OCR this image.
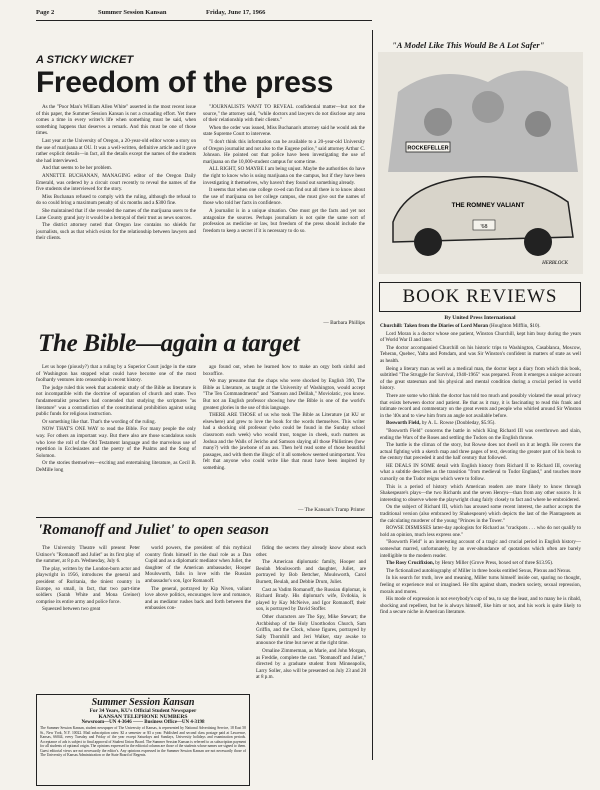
Page 2	Summer Session Kansan	Friday, June 17, 1966
A STICKY WICKET
Freedom of the press

As the "Poor Man's William Allen White" asserted in the most recent issue of this paper, the Summer Session Kansan is not a crusading effort. Yet there comes a time in every writer's life when something must be said, when something happens that deserves a remark. And this must be one of those times.

Last year at the University of Oregon, a 20-year-old editor wrote a story on the use of marijuana at OU. It was a well-written, definitive article and it gave rather explicit details—in fact, all the details except the names of the students she had interviewed.

And that seems to be her problem.

ANNETTE BUCHANAN, MANAGING editor of the Oregon Daily Emerald, was ordered by a circuit court recently to reveal the names of the five students she interviewed for the story.

Miss Buchanan refused to comply with the ruling, although the refusal to do so could bring a maximum penalty of six months and a $300 fine.

She maintained that if she revealed the names of the marijuana users to the Lane County grand jury it would be a betrayal of their trust as news sources.

The district attorney noted that Oregon law contains no shields for journalists, such as that which exists for the relationship between lawyers and their clients.

"JOURNALISTS WANT TO REVEAL confidential matter—but not the source," the attorney said, "while doctors and lawyers do not disclose any area of their relationship with their clients."

When the order was issued, Miss Buchanan's attorney said he would ask the state Supreme Court to intervene.

"I don't think this information can be available to a 20-year-old University of Oregon journalist and not also to the Eugene police," said attorney Arthur C. Johnson. He pointed out that police have been investigating the use of marijuana on the 10,000-student campus for some time.

ALL RIGHT, SO MAYBE I am being unjust. Maybe the authorities do have the right to know who is using marijuana on the campus, but if they have been investigating it themselves, why haven't they found out something already.

It seems that when one college co-ed can find out all there is to know about the use of marijuana on her college campus, she must give out the names of those who told her facts in confidence.

A journalist is in a unique situation. One must get the facts and yet not antagonize the sources. Perhaps journalism is not quite the same sort of profession as medicine or law, but freedom of the press should include the freedom to keep a secret if it is necessary to do so.

— Barbara Phillips
"A Model Like This Would Be A Lot Safer"
ROCKEFELLER
THE ROMNEY VALIANT
'68
HERBLOCK
The Bible—again a target

Let us hope (piously?) that a ruling by a Superior Court judge in the state of Washington has stopped what could have become one of the most foolhardy ventures into censorship in recent history.

The judge ruled this week that academic study of the Bible as literature is not incompatible with the doctrine of separation of church and state. Two fundamentalist preachers had contended that studying the scriptures "as literature" was a contradiction of the constitutional prohibition against using public funds for religious instruction.

Or something like that. That's the wording of the ruling.

NOW THAT'S ONE WAY to read the Bible. For many people the only way. For others an important way. But there also are those scandalous souls who love the roll of the Old Testament language and the marvelous use of repetition in Ecclesiastes and the poetry of the Psalms and the Song of Solomon.

Or the stories themselves—exciting and entertaining literature, as Cecil B. DeMille long

ago found out, when he learned how to make an orgy both sinful and boxoffice.

We may presume that the chaps who were shocked by English 390, The Bible as Literature, as taught at the University of Washington, would accept "The Ten Commandments" and "Samson and Delilah," Moviolatic, you know. But not an English professor showing how the Bible is one of the world's greatest glories in the use of this language.

THERE ARE THOSE of us who took The Bible as Literature (at KU or elsewhere) and grew to love the book for the words themselves. This writer had a shocking old professor (who could be found in the Sunday school classroom each week) who would trust, tongue in cheek, such matters as Joshua and the Walls of Jericho and Samson slaying all those Philistines (how many?) with the jawbone of an ass. Then he'd read some of those beautiful passages, and with them the illogic of it all somehow seemed unimportant. You felt that anyone who could write like that must have been inspired by something.

— The Kansan's Tramp Printer
'Romanoff and Juliet' to open season

The University Theatre will present Peter Ustinov's "Romanoff and Juliet" as its first play of the summer, at 8 p.m. Wednesday, July 6.

The play, written by the London-born actor and playwright in 1956, introduces the general and president of Ruritania, the tiniest country in Europe, so small, in fact, that two part-time soldiers (Sarah White and Mona Greiner) comprise its entire army and police force.

Squeezed between two great

world powers, the president of this mythical country finds himself in the dual role as a Dan Cupid and as a diplomatic mediator when Juliet, the daughter of the American ambassador, Hooper Moulsworth, falls in love with the Russian ambassador's son, Igor Romanoff.

The general, portrayed by Kip Niven, valiant love above politics, encourages love and romance, and as mediator rushes back and forth between the embassies con-

fiding the secrets they already know about each other.

The American diplomatic family, Hooper and Beulah Moulsworth and daughter, Juliet, are portrayed by Bob Bettcher, Moulsworth, Carol Burnett, Beulah, and Debbie Drum, Juliet.

Cast as Vadim Romanoff, the Russian diplomat, is Richard Brady. His diplomat's wife, Evdokia, is played by Kay McNeive, and Igor Romanoff, their son, is portrayed by David Stoffer.

Other characters are The Spy, Mike Stewart; the Archbishop of the Holy Unorthodox Church, Sam Griffin, and the Clock, whose figures, portrayed by Sally Thornhill and Jeri Walker, stay awake to announce the time but never at the right time.

Ornaline Zimmerman, as Marie, and John Morgan, as Freddie, complete the cast. "Romanoff and Juliet," directed by a graduate student from Minneapolis, Larry Soller, also will be presented on July 23 and 28 at 8 p.m.

Summer Session Kansan
For 34 Years, KU's Official Student Newspaper
KANSAN TELEPHONE NUMBERS
Newsroom—UN 4-3646 —— Business Office—UN 4-3198
The Summer Session Kansan, student newspaper of The University of Kansas, is represented by National Advertising Service, 18 East 50 St., New York, N.Y. 10022. Mail subscription rates: $2 a semester or $3 a year. Published and second class postage paid at Lawrence, Kansas, 66044, every Tuesday and Friday of the year except Saturdays and Sundays, University holidays and examination periods. Acceptance of ads is subject to final approval of Student Union Board. The Summer Session Kansan is referred to as subscription payment for all students of optional origin. The opinions expressed in the editorial column are those of the students whose names are signed to them. Guest editorial views are not necessarily the editor's. Any opinions expressed in the Summer Session Kansan are not necessarily those of The University of Kansas Administration or the State Board of Regents.
BOOK REVIEWS
By United Press International

Churchill: Taken from the Diaries of Lord Moran (Houghton Mifflin, $10).

Lord Moran is a doctor whose one patient, Winston Churchill, kept him busy during the years of World War II and later.

The doctor accompanied Churchill on his historic trips to Washington, Casablanca, Moscow, Teheran, Quebec, Yalta and Potsdam, and was Sir Winston's confident in matters of state as well as health.

Being a literary man as well as a medical man, the doctor kept a diary from which this book, subtitled "The Struggle for Survival, 1940-1965" was prepared. From it emerges a unique account of the great statesman and his physical and mental condition during a crucial period in world history.

There are some who think the doctor has told too much and possibly violated the usual privacy that exists between doctor and patient. Be that as it may, it is fascinating to read this frank and intimate record and commentary on the great events and people who whirled around Sir Winston in the '40s and to view him from an angle not available before.

Bosworth Field, by A. L. Rowse (Doubleday, $5.95).

"Bosworth Field" concerns the battle in which King Richard III was overthrown and slain, ending the Wars of the Roses and settling the Tudors on the English throne.

The battle is the climax of the story, but Rowse does not dwell on it at length. He covers the actual fighting with a sketch map and three pages of text, devoting the greater part of his book to the century that preceded it and the half century that followed.

HE DEALS IN SOME detail with English history from Richard II to Richard III, covering what a subtitle describes as the transition "from medieval to Tudor England," and touches more cursorily on the Tudor reigns which were to follow.

This is a period of history which American readers are more likely to know through Shakespeare's plays—the two Richards and the seven Henrys—than from any other source. It is interesting to observe where the playwright clung fairly closely to fact and where he embroidered.

On the subject of Richard III, which has aroused some recent interest, the author accepts the traditional version (also embraced by Shakespeare) which depicts the last of the Plantagenets as the calculating murderer of the young "Princes in the Tower."

ROWSE DISMISSES latter-day apologists for Richard as "crackpots . . . who do not qualify to hold an opinion, much less express one."

"Bosworth Field" is an interesting account of a tragic and crucial period in English history—somewhat marred, unfortunately, by an over-abundance of quotations which often are barely intelligible to the modern reader.

The Rosy Crucifixion, by Henry Miller (Grove Press, boxed set of three $13.95).

The fictionalized autobiography of Miller in three books entitled Sexus, Plexus and Nexus.

In his search for truth, love and meaning, Miller turns himself inside out, sparing no thought, feeling or experience real or imagined. He tilts against sham, modern society, sexual repression, morals and mores.

His mode of expression is not everybody's cup of tea, to say the least, and to many he is ribald, shocking and repellent, but he is always himself, like him or not, and his work is quite likely to find a secure niche in American literature.
